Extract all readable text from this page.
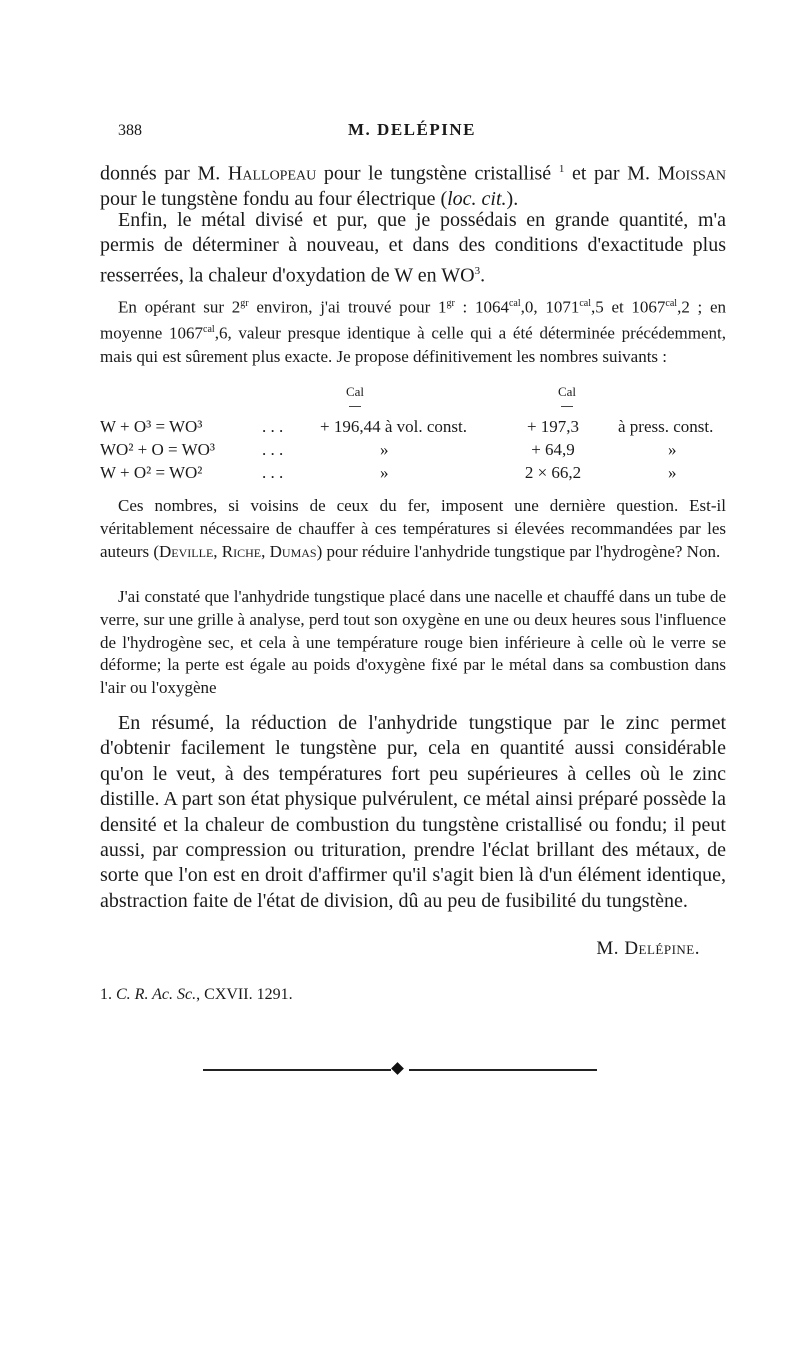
388	M. DELÉPINE

donnés par M. Hallopeau pour le tungstène cristallisé $^1$ et par M. Moissan pour le tungstène fondu au four électrique (loc. cit.).

Enfin, le métal divisé et pur, que je possédais en grande quantité, m'a permis de déterminer à nouveau, et dans des conditions d'exactitude plus resserrées, la chaleur d'oxydation de W en $WO^3$.

En opérant sur $2^{gr}$ environ, j'ai trouvé pour $1^{gr}$ : $1064^{cal},0$, $1071^{cal},5$ et $1067^{cal},2$ ; en moyenne $1067^{cal},6$, valeur presque identique à celle qui a été déterminée précédemment, mais qui est sûrement plus exacte. Je propose définitivement les nombres suivants :

Cal	Cal
W + O³ = WO³	. . . + 196,44 à vol. const.	+ 197,3	à press. const.
WO² + O = WO³	. . .	»	+ 64,9	»
W + O² = WO²	. . .	»	2 × 66,2	»

Ces nombres, si voisins de ceux du fer, imposent une dernière question. Est-il véritablement nécessaire de chauffer à ces températures si élevées recommandées par les auteurs (Deville, Riche, Dumas) pour réduire l'anhydride tungstique par l'hydrogène? Non.

J'ai constaté que l'anhydride tungstique placé dans une nacelle et chauffé dans un tube de verre, sur une grille à analyse, perd tout son oxygène en une ou deux heures sous l'influence de l'hydrogène sec, et cela à une température rouge bien inférieure à celle où le verre se déforme; la perte est égale au poids d'oxygène fixé par le métal dans sa combustion dans l'air ou l'oxygène

En résumé, la réduction de l'anhydride tungstique par le zinc permet d'obtenir facilement le tungstène pur, cela en quantité aussi considérable qu'on le veut, à des températures fort peu supérieures à celles où le zinc distille. A part son état physique pulvérulent, ce métal ainsi préparé possède la densité et la chaleur de combustion du tungstène cristallisé ou fondu; il peut aussi, par compression ou trituration, prendre l'éclat brillant des métaux, de sorte que l'on est en droit d'affirmer qu'il s'agit bien là d'un élément identique, abstraction faite de l'état de division, dû au peu de fusibilité du tungstène.

M. Delépine.
1. C. R. Ac. Sc., CXVII. 1291.
